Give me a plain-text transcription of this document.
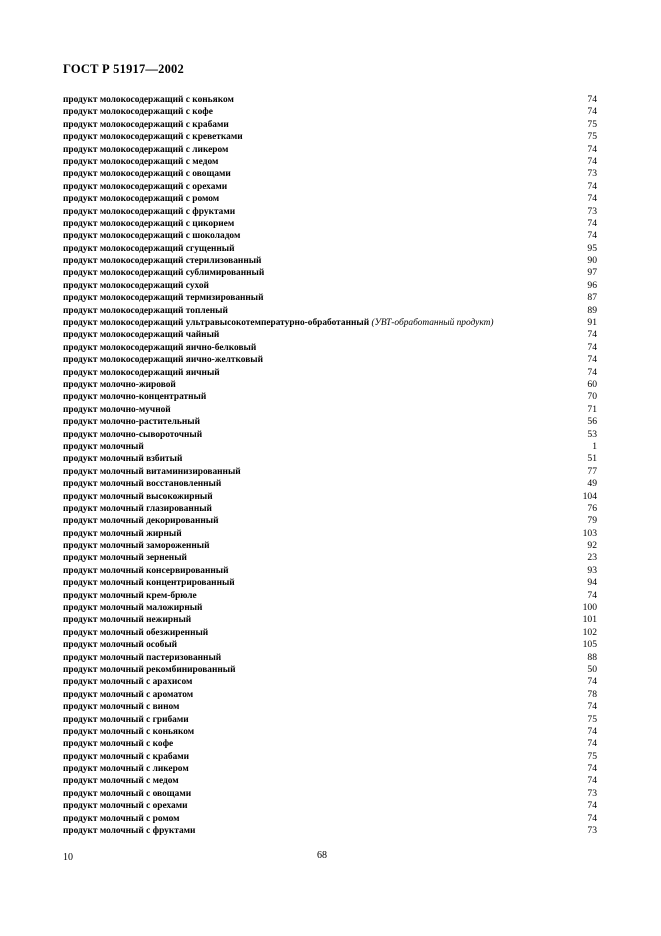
ГОСТ Р 51917—2002
продукт молокосодержащий с коньяком	74
продукт молокосодержащий с кофе	74
продукт молокосодержащий с крабами	75
продукт молокосодержащий с креветками	75
продукт молокосодержащий с ликером	74
продукт молокосодержащий с медом	74
продукт молокосодержащий с овощами	73
продукт молокосодержащий с орехами	74
продукт молокосодержащий с ромом	74
продукт молокосодержащий с фруктами	73
продукт молокосодержащий с цикорием	74
продукт молокосодержащий с шоколадом	74
продукт молокосодержащий сгущенный	95
продукт молокосодержащий стерилизованный	90
продукт молокосодержащий сублимированный	97
продукт молокосодержащий сухой	96
продукт молокосодержащий термизированный	87
продукт молокосодержащий топленый	89
продукт молокосодержащий ультравысокотемпературно-обработанный (УВТ-обработанный продукт)	91
продукт молокосодержащий чайный	74
продукт молокосодержащий яично-белковый	74
продукт молокосодержащий яично-желтковый	74
продукт молокосодержащий яичный	74
продукт молочно-жировой	60
продукт молочно-концентратный	70
продукт молочно-мучной	71
продукт молочно-растительный	56
продукт молочно-сывороточный	53
продукт молочный	1
продукт молочный взбитый	51
продукт молочный витаминизированный	77
продукт молочный восстановленный	49
продукт молочный высокожирный	104
продукт молочный глазированный	76
продукт молочный декорированный	79
продукт молочный жирный	103
продукт молочный замороженный	92
продукт молочный зерненый	23
продукт молочный консервированный	93
продукт молочный концентрированный	94
продукт молочный крем-брюле	74
продукт молочный маложирный	100
продукт молочный нежирный	101
продукт молочный обезжиренный	102
продукт молочный особый	105
продукт молочный пастеризованный	88
продукт молочный рекомбинированный	50
продукт молочный с арахисом	74
продукт молочный с ароматом	78
продукт молочный с вином	74
продукт молочный с грибами	75
продукт молочный с коньяком	74
продукт молочный с кофе	74
продукт молочный с крабами	75
продукт молочный с ликером	74
продукт молочный с медом	74
продукт молочный с овощами	73
продукт молочный с орехами	74
продукт молочный с ромом	74
продукт молочный с фруктами	73
10	68
